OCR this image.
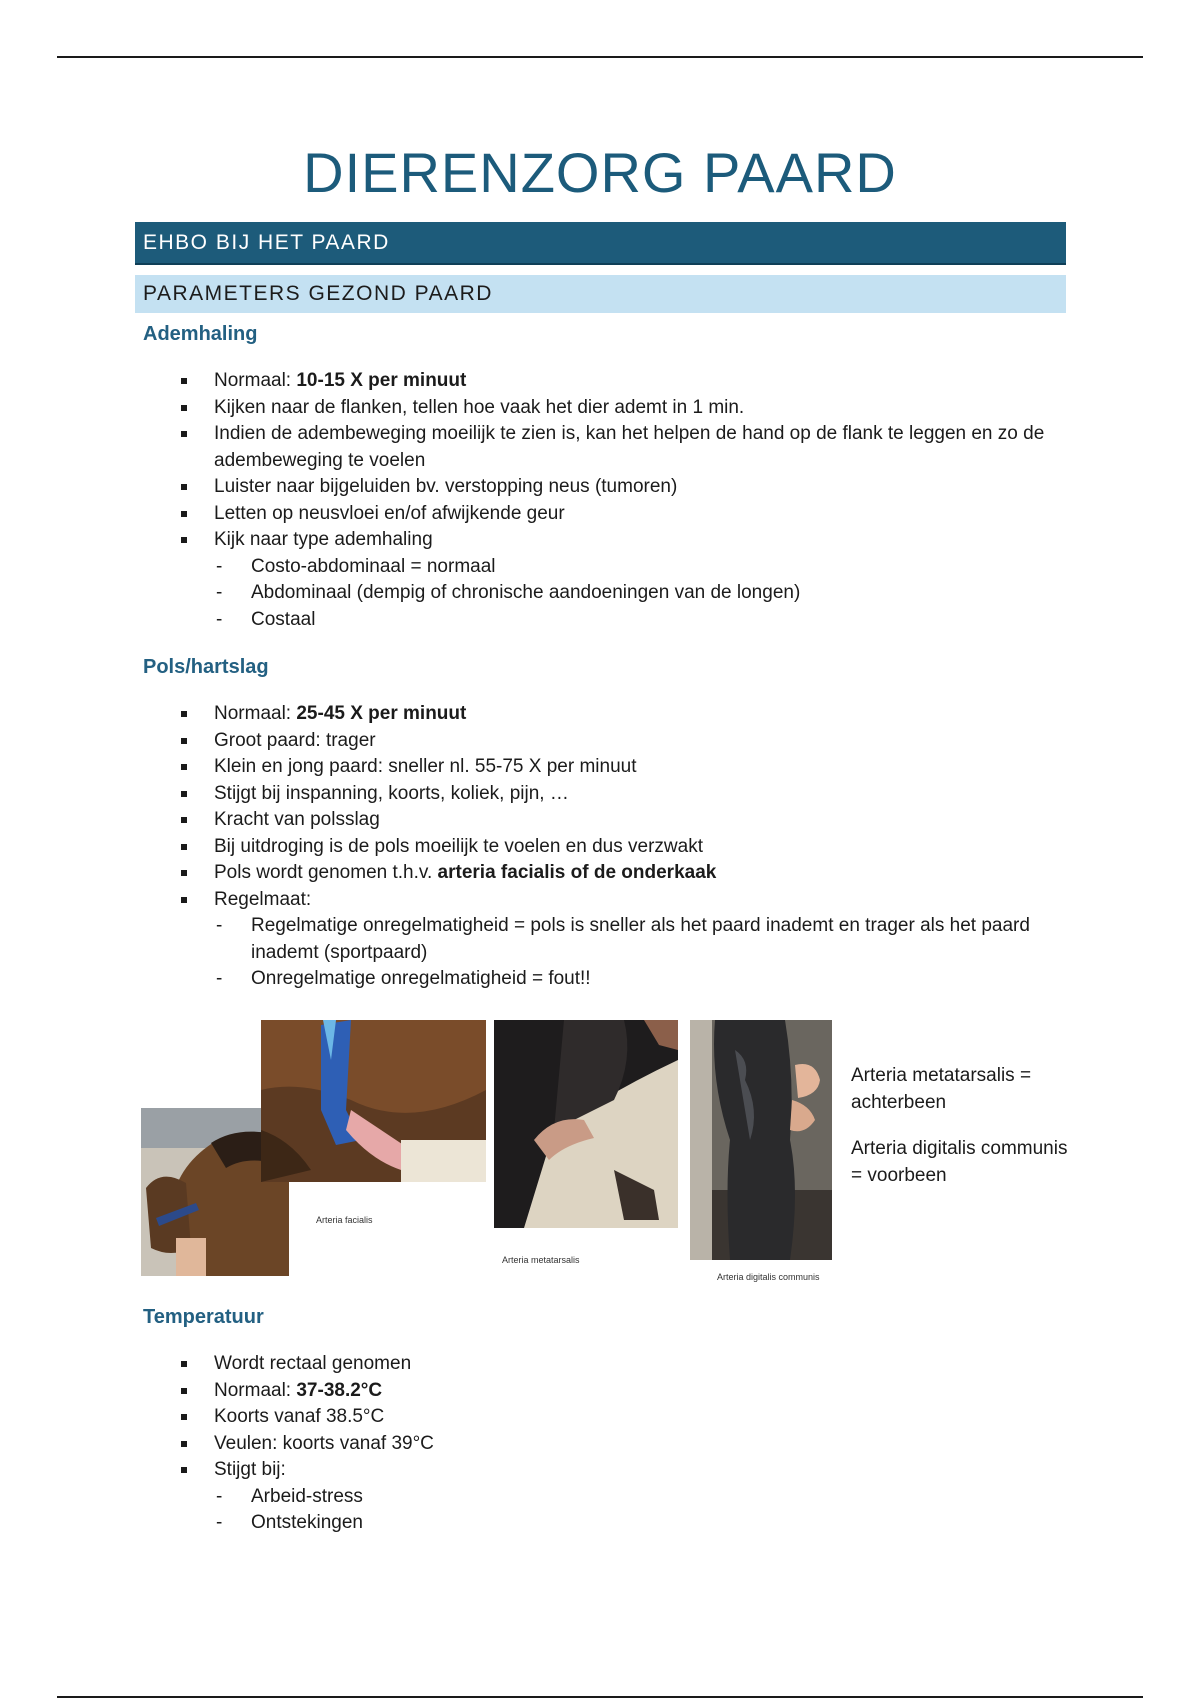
DIERENZORG PAARD
EHBO BIJ HET PAARD
PARAMETERS GEZOND PAARD
Ademhaling
Normaal: 10-15 X per minuut
Kijken naar de flanken, tellen hoe vaak het dier ademt in 1 min.
Indien de adembeweging moeilijk te zien is, kan het helpen de hand op de flank te leggen en zo de adembeweging te voelen
Luister naar bijgeluiden bv. verstopping neus (tumoren)
Letten op neusvloei en/of afwijkende geur
Kijk naar type ademhaling
- Costo-abdominaal = normaal
- Abdominaal (dempig of chronische aandoeningen van de longen)
- Costaal
Pols/hartslag
Normaal: 25-45 X per minuut
Groot paard: trager
Klein en jong paard: sneller nl. 55-75 X per minuut
Stijgt bij inspanning, koorts, koliek, pijn, …
Kracht van polsslag
Bij uitdroging is de pols moeilijk te voelen en dus verzwakt
Pols wordt genomen t.h.v. arteria facialis of de onderkaak
Regelmaat:
- Regelmatige onregelmatigheid = pols is sneller als het paard inademt en trager als het paard inademt (sportpaard)
- Onregelmatige onregelmatigheid = fout!!
Arteria facialis
Arteria metatarsalis
Arteria digitalis communis
Arteria metatarsalis = achterbeen
Arteria digitalis communis = voorbeen
Temperatuur
Wordt rectaal genomen
Normaal: 37-38.2°C
Koorts vanaf 38.5°C
Veulen: koorts vanaf 39°C
Stijgt bij:
- Arbeid-stress
- Ontstekingen
